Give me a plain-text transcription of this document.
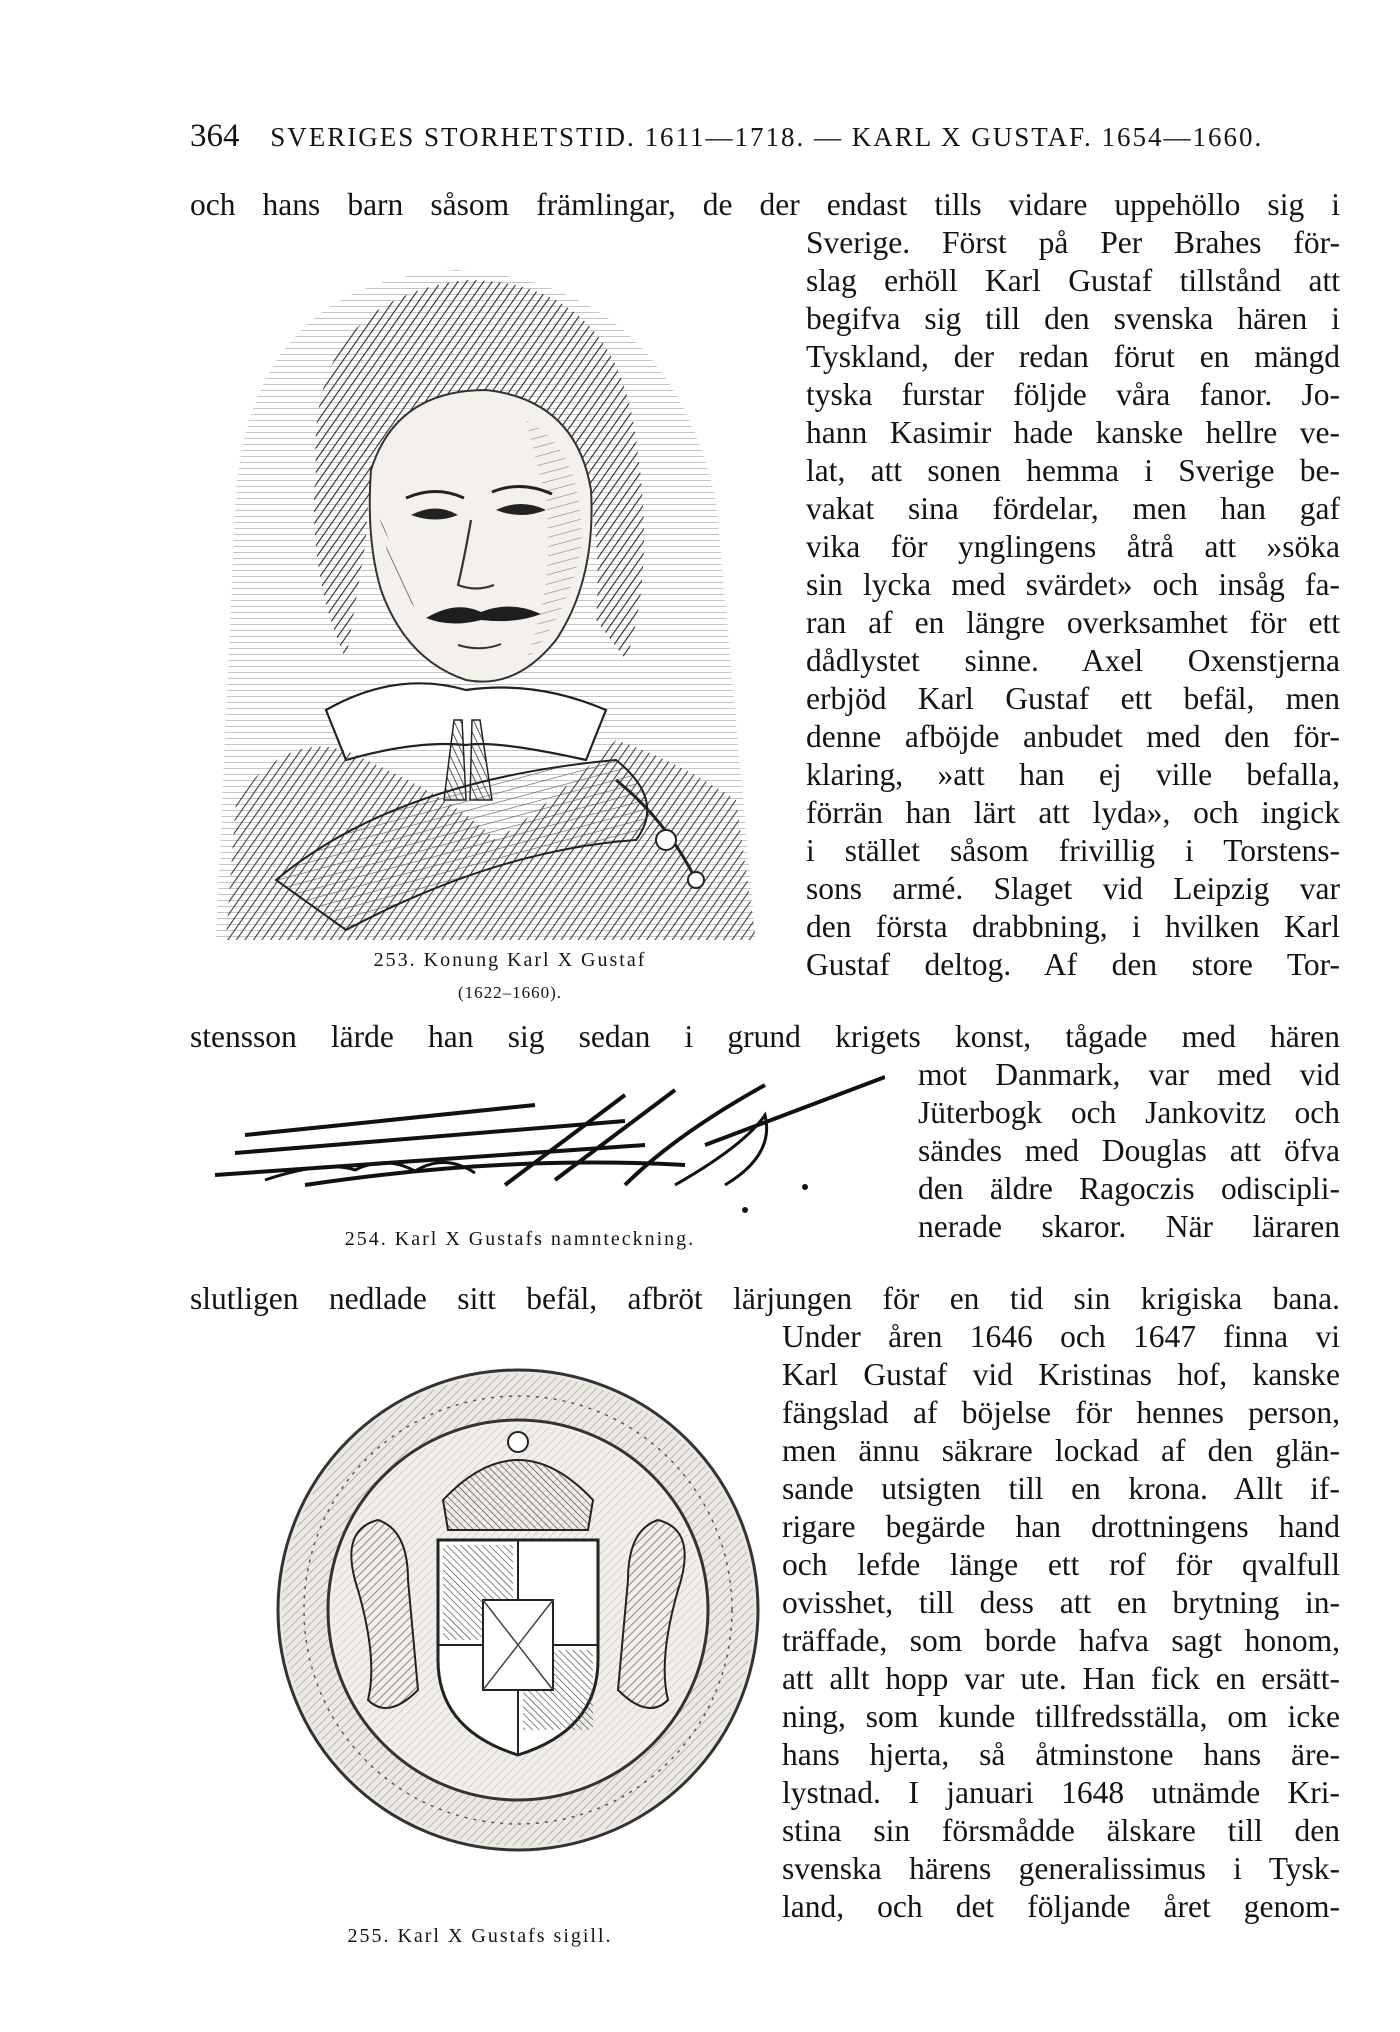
364 SVERIGES STORHETSTID. 1611—1718. — KARL X GUSTAF. 1654—1660.
253. Konung Karl X Gustaf
(1622–1660).
254. Karl X Gustafs namnteckning.
255. Karl X Gustafs sigill.
och hans barn såsom främlingar, de der endast tills vidare uppehöllo sig i
Sverige. Först på Per Brahes för-
slag erhöll Karl Gustaf tillstånd att
begifva sig till den svenska hären i
Tyskland, der redan förut en mängd
tyska furstar följde våra fanor. Jo-
hann Kasimir hade kanske hellre ve-
lat, att sonen hemma i Sverige be-
vakat sina fördelar, men han gaf
vika för ynglingens åtrå att »söka
sin lycka med svärdet» och insåg fa-
ran af en längre overksamhet för ett
dådlystet sinne. Axel Oxenstjerna
erbjöd Karl Gustaf ett befäl, men
denne afböjde anbudet med den för-
klaring, »att han ej ville befalla,
förrän han lärt att lyda», och ingick
i stället såsom frivillig i Torstens-
sons armé. Slaget vid Leipzig var
den första drabbning, i hvilken Karl
Gustaf deltog. Af den store Tor-
stensson lärde han sig sedan i grund krigets konst, tågade med hären
mot Danmark, var med vid
Jüterbogk och Jankovitz och
sändes med Douglas att öfva
den äldre Ragoczis odiscipli-
nerade skaror. När läraren
slutligen nedlade sitt befäl, afbröt lärjungen för en tid sin krigiska bana.
Under åren 1646 och 1647 finna vi
Karl Gustaf vid Kristinas hof, kanske
fängslad af böjelse för hennes person,
men ännu säkrare lockad af den glän-
sande utsigten till en krona. Allt if-
rigare begärde han drottningens hand
och lefde länge ett rof för qvalfull
ovisshet, till dess att en brytning in-
träffade, som borde hafva sagt honom,
att allt hopp var ute. Han fick en ersätt-
ning, som kunde tillfredsställa, om icke
hans hjerta, så åtminstone hans äre-
lystnad. I januari 1648 utnämde Kri-
stina sin försmådde älskare till den
svenska härens generalissimus i Tysk-
land, och det följande året genom-
